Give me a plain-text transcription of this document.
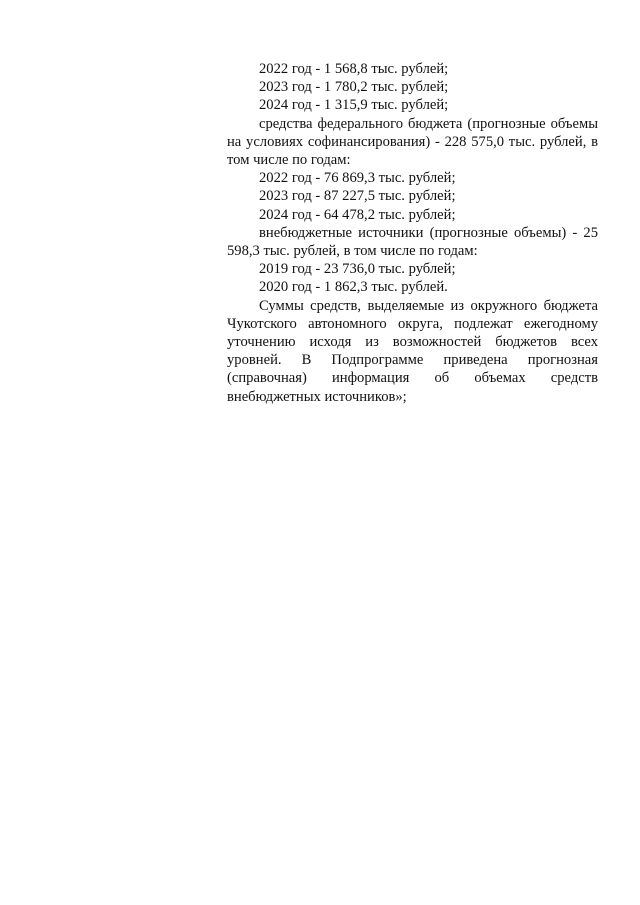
2022 год - 1 568,8 тыс. рублей;

2023 год - 1 780,2 тыс. рублей;

2024 год - 1 315,9 тыс. рублей;

средства федерального бюджета (прогнозные объемы на условиях софинансирования) - 228 575,0 тыс. рублей, в том числе по годам:

2022 год - 76 869,3 тыс. рублей;

2023 год - 87 227,5 тыс. рублей;

2024 год - 64 478,2 тыс. рублей;

внебюджетные источники (прогнозные объемы) - 25 598,3 тыс. рублей, в том числе по годам:

2019 год - 23 736,0 тыс. рублей;

2020 год - 1 862,3 тыс. рублей.

Суммы средств, выделяемые из окружного бюджета Чукотского автономного округа, подлежат ежегодному уточнению исходя из возможностей бюджетов всех уровней. В Подпрограмме приведена прогнозная (справочная) информация об объемах средств внебюджетных источников»;
